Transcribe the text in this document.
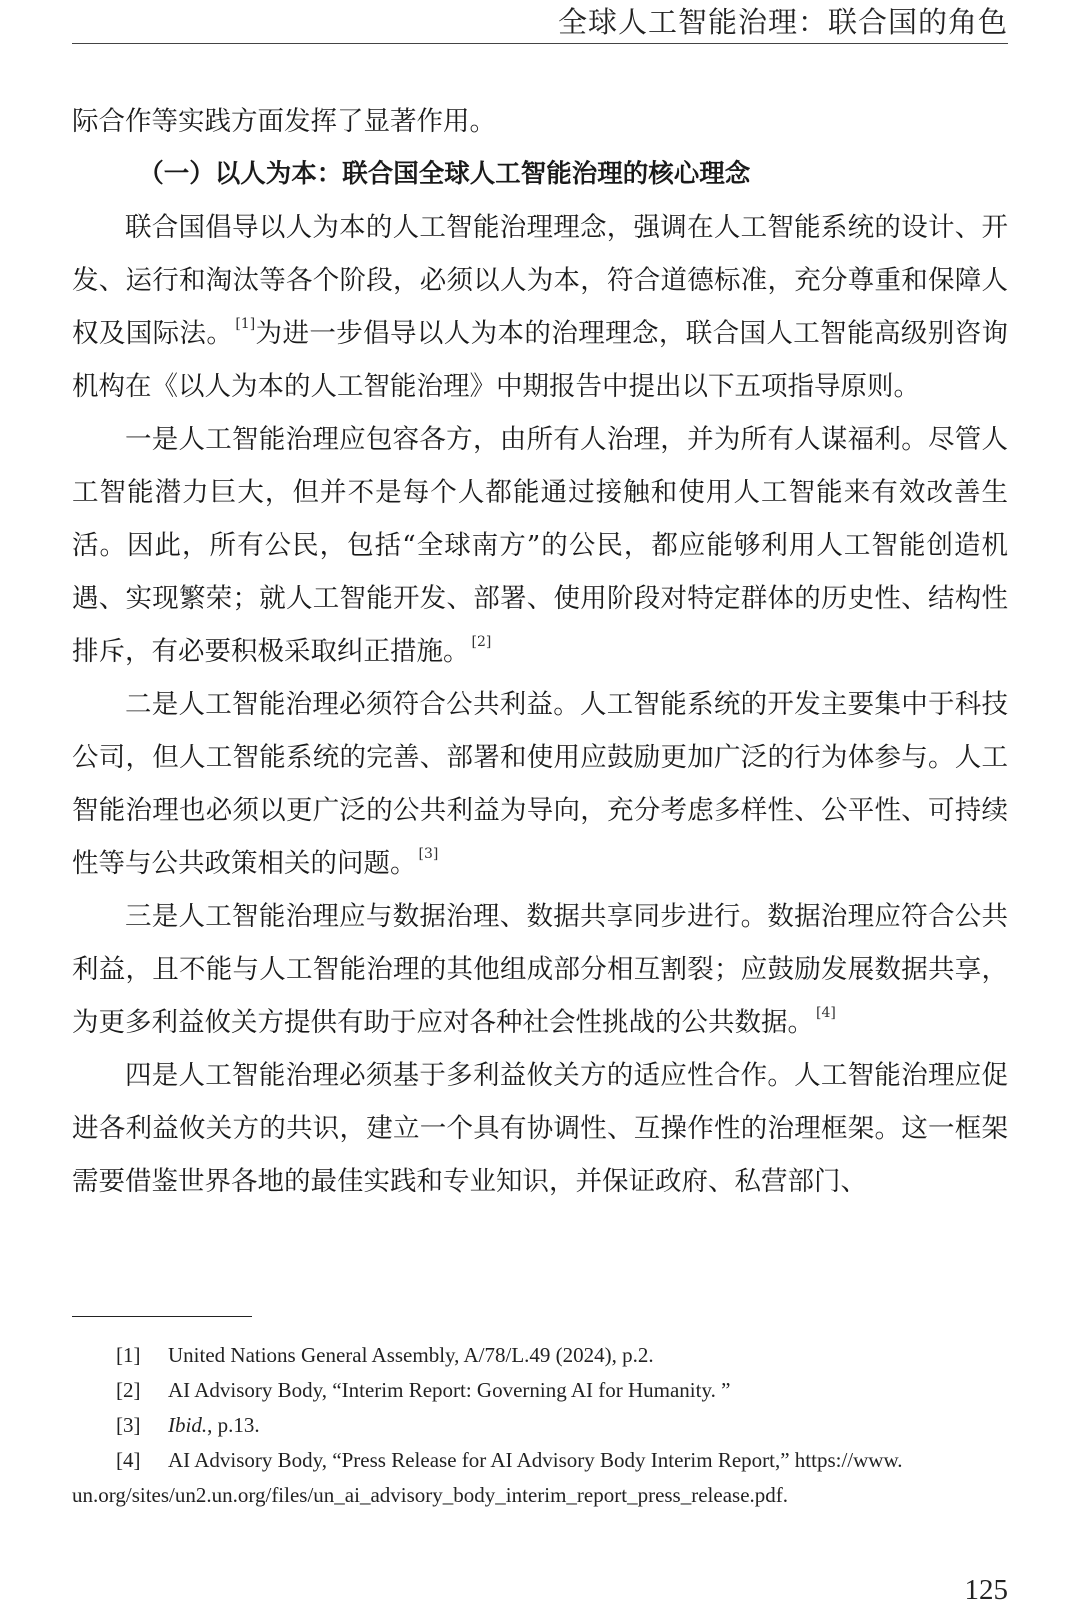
全球人工智能治理：联合国的角色

际合作等实践方面发挥了显著作用。

（一）以人为本：联合国全球人工智能治理的核心理念

联合国倡导以人为本的人工智能治理理念，强调在人工智能系统的设计、开发、运行和淘汰等各个阶段，必须以人为本，符合道德标准，充分尊重和保障人权及国际法。 [1]为进一步倡导以人为本的治理理念，联合国人工智能高级别咨询机构在《以人为本的人工智能治理》中期报告中提出以下五项指导原则。

一是人工智能治理应包容各方，由所有人治理，并为所有人谋福利。尽管人工智能潜力巨大，但并不是每个人都能通过接触和使用人工智能来有效改善生活。因此，所有公民，包括“全球南方”的公民，都应能够利用人工智能创造机遇、实现繁荣；就人工智能开发、部署、使用阶段对特定群体的历史性、结构性排斥，有必要积极采取纠正措施。 [2]

二是人工智能治理必须符合公共利益。人工智能系统的开发主要集中于科技公司，但人工智能系统的完善、部署和使用应鼓励更加广泛的行为体参与。人工智能治理也必须以更广泛的公共利益为导向，充分考虑多样性、公平性、可持续性等与公共政策相关的问题。 [3]

三是人工智能治理应与数据治理、数据共享同步进行。数据治理应符合公共利益，且不能与人工智能治理的其他组成部分相互割裂；应鼓励发展数据共享，为更多利益攸关方提供有助于应对各种社会性挑战的公共数据。 [4]

四是人工智能治理必须基于多利益攸关方的适应性合作。人工智能治理应促进各利益攸关方的共识，建立一个具有协调性、互操作性的治理框架。这一框架需要借鉴世界各地的最佳实践和专业知识，并保证政府、私营部门、

[1] United Nations General Assembly, A/78/L.49 (2024), p.2.

[2] AI Advisory Body, “Interim Report: Governing AI for Humanity. ”

[3] Ibid., p.13.

[4] AI Advisory Body, “Press Release for AI Advisory Body Interim Report,” https://www.

un.org/sites/un2.un.org/files/un_ai_advisory_body_interim_report_press_release.pdf.

125
